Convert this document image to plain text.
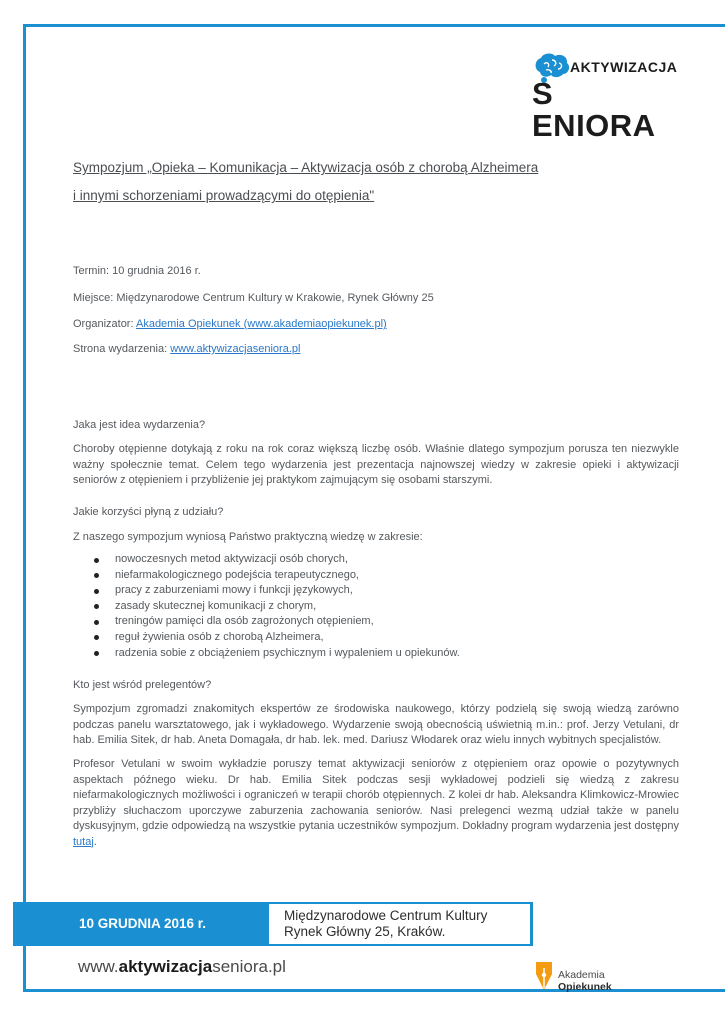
AKTYWIZACJA
S ENIORA
Sympozjum „Opieka – Komunikacja – Aktywizacja osób z chorobą Alzheimera
i innymi schorzeniami prowadzącymi do otępienia"
Termin: 10 grudnia 2016 r.
Miejsce: Międzynarodowe Centrum Kultury w Krakowie, Rynek Główny 25
Organizator: Akademia Opiekunek (www.akademiaopiekunek.pl)
Strona wydarzenia: www.aktywizacjaseniora.pl
Jaka jest idea wydarzenia?
Choroby otępienne dotykają z roku na rok coraz większą liczbę osób. Właśnie dlatego sympozjum porusza ten niezwykle ważny społecznie temat. Celem tego wydarzenia jest prezentacja najnowszej wiedzy w zakresie opieki i aktywizacji seniorów z otępieniem i przybliżenie jej praktykom zajmującym się osobami starszymi.
Jakie korzyści płyną z udziału?
Z naszego sympozjum wyniosą Państwo praktyczną wiedzę w zakresie:
nowoczesnych metod aktywizacji osób chorych,
niefarmakologicznego podejścia terapeutycznego,
pracy z zaburzeniami mowy i funkcji językowych,
zasady skutecznej komunikacji z chorym,
treningów pamięci dla osób zagrożonych otępieniem,
reguł żywienia osób z chorobą Alzheimera,
radzenia sobie z obciążeniem psychicznym i wypaleniem u opiekunów.
Kto jest wśród prelegentów?
Sympozjum zgromadzi znakomitych ekspertów ze środowiska naukowego, którzy podzielą się swoją wiedzą zarówno podczas panelu warsztatowego, jak i wykładowego. Wydarzenie swoją obecnością uświetnią m.in.: prof. Jerzy Vetulani, dr hab. Emilia Sitek, dr hab. Aneta Domagała, dr hab. lek. med. Dariusz Włodarek oraz wielu innych wybitnych specjalistów.
Profesor Vetulani w swoim wykładzie poruszy temat aktywizacji seniorów z otępieniem oraz opowie o pozytywnych aspektach późnego wieku. Dr hab. Emilia Sitek podczas sesji wykładowej podzieli się wiedzą z zakresu niefarmakologicznych możliwości i ograniczeń w terapii chorób otępiennych. Z kolei dr hab. Aleksandra Klimkowicz-Mrowiec przybliży słuchaczom uporczywe zaburzenia zachowania seniorów. Nasi prelegenci wezmą udział także w panelu dyskusyjnym, gdzie odpowiedzą na wszystkie pytania uczestników sympozjum. Dokładny program wydarzenia jest dostępny tutaj.
10 GRUDNIA 2016 r.
Międzynarodowe Centrum Kultury
Rynek Główny 25, Kraków.
www.aktywizacjaseniora.pl	Akademia
Opiekunek
